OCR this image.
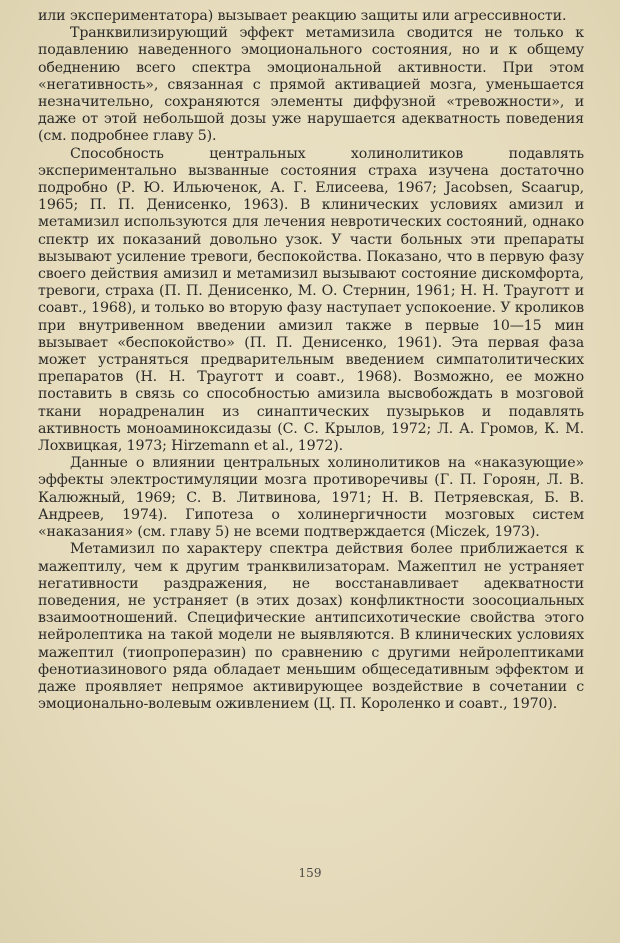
или экспериментатора) вызывает реакцию защиты или агрессивности.

Транквилизирующий эффект метамизила сводится не только к подавлению наведенного эмоционального состояния, но и к общему обеднению всего спектра эмоциональной активности. При этом «негативность», связанная с прямой активацией мозга, уменьшается незначительно, сохраняются элементы диффузной «тревожности», и даже от этой небольшой дозы уже нарушается адекватность поведения (см. подробнее главу 5).

Способность центральных холинолитиков подавлять экспериментально вызванные состояния страха изучена достаточно подробно (Р. Ю. Ильюченок, А. Г. Елисеева, 1967; Jacobsen, Scaarup, 1965; П. П. Денисенко, 1963). В клинических условиях амизил и метамизил используются для лечения невротических состояний, однако спектр их показаний довольно узок. У части больных эти препараты вызывают усиление тревоги, беспокойства. Показано, что в первую фазу своего действия амизил и метамизил вызывают состояние дискомфорта, тревоги, страха (П. П. Денисенко, М. О. Стернин, 1961; Н. Н. Трауготт и соавт., 1968), и только во вторую фазу наступает успокоение. У кроликов при внутривенном введении амизил также в первые 10—15 мин вызывает «беспокойство» (П. П. Денисенко, 1961). Эта первая фаза может устраняться предварительным введением симпатолитических препаратов (Н. Н. Трауготт и соавт., 1968). Возможно, ее можно поставить в связь со способностью амизила высвобождать в мозговой ткани норадреналин из синаптических пузырьков и подавлять активность моноаминоксидазы (С. С. Крылов, 1972; Л. А. Громов, К. М. Лохвицкая, 1973; Hirzemann et al., 1972).

Данные о влиянии центральных холинолитиков на «наказующие» эффекты электростимуляции мозга противоречивы (Г. П. Гороян, Л. В. Калюжный, 1969; С. В. Литвинова, 1971; Н. В. Петряевская, Б. В. Андреев, 1974). Гипотеза о холинергичности мозговых систем «наказания» (см. главу 5) не всеми подтверждается (Miczek, 1973).

Метамизил по характеру спектра действия более приближается к мажептилу, чем к другим транквилизаторам. Мажептил не устраняет негативности раздражения, не восстанавливает адекватности поведения, не устраняет (в этих дозах) конфликтности зоосоциальных взаимоотношений. Специфические антипсихотические свойства этого нейролептика на такой модели не выявляются. В клинических условиях мажептил (тиопроперазин) по сравнению с другими нейролептиками фенотиазинового ряда обладает меньшим общеседативным эффектом и даже проявляет непрямое активирующее воздействие в сочетании с эмоционально-волевым оживлением (Ц. П. Короленко и соавт., 1970).

159
